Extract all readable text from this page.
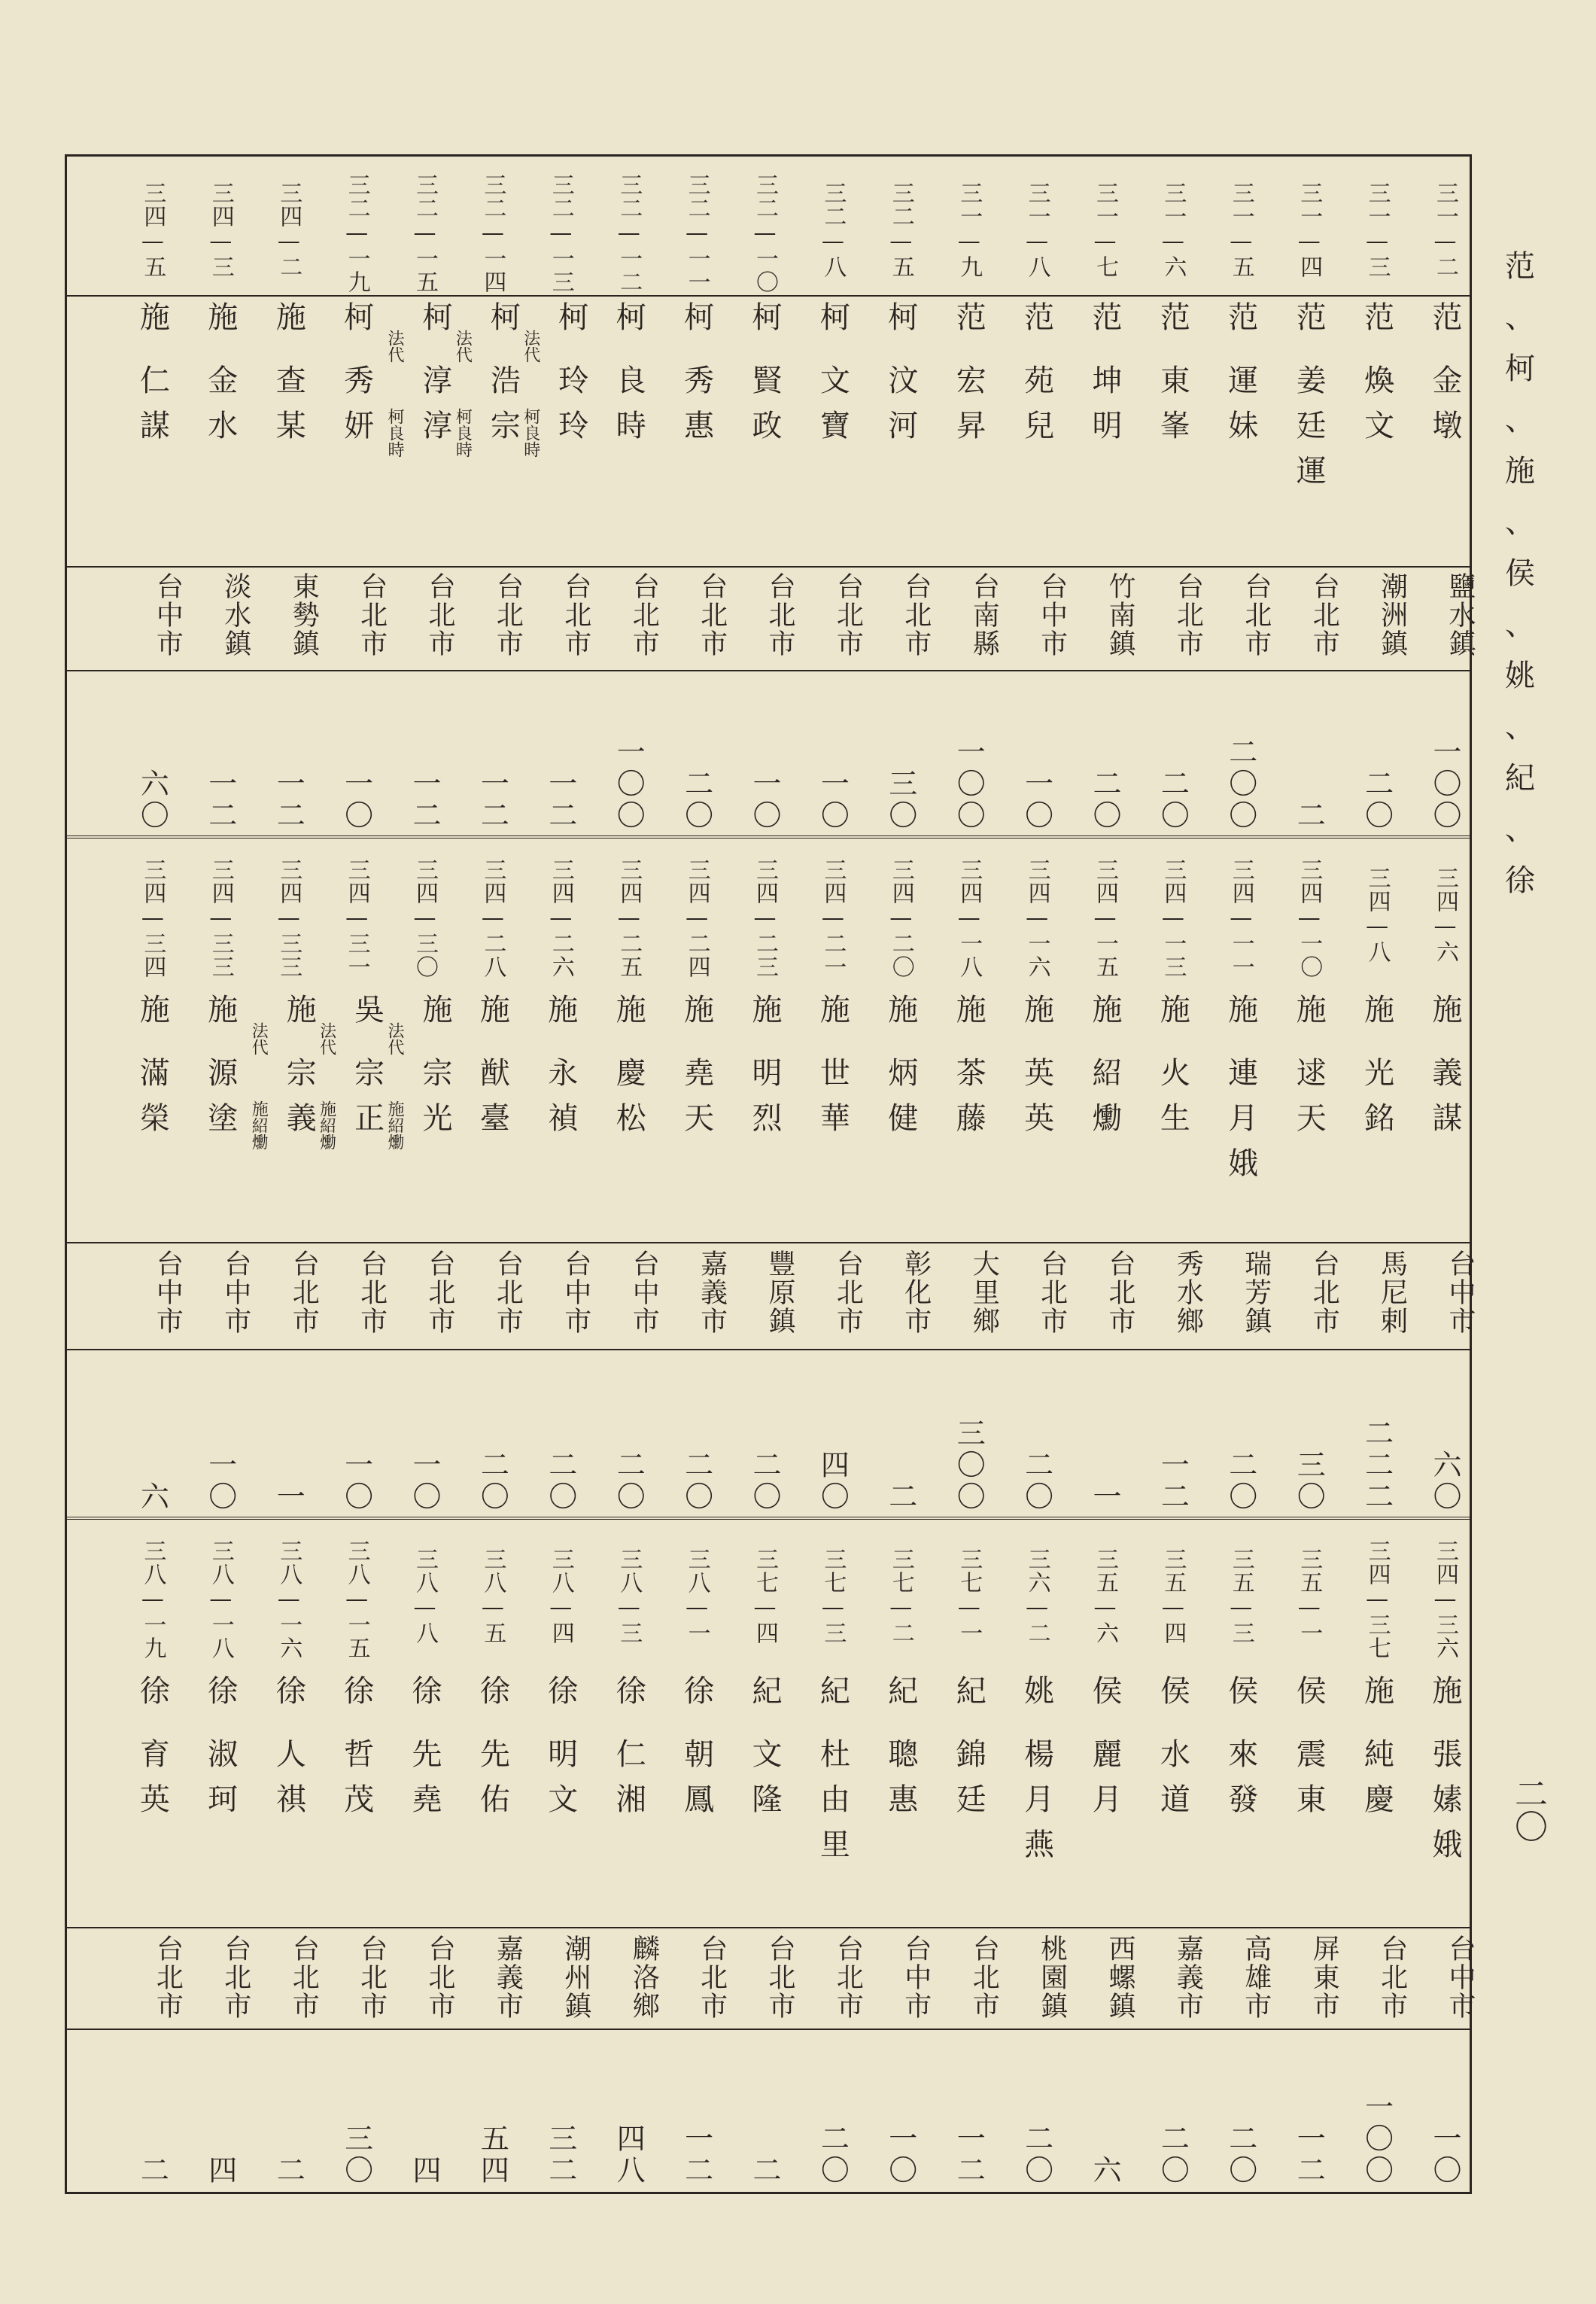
范
、
柯
、
施
、
侯
、
姚
、
紀
、
徐
二〇
三一—二
范
金墩
鹽水鎮
一〇〇
三一—三
范
煥文
潮洲鎮
二〇
三一—四
范
姜廷運
台北市
二
三一—五
范
運妹
台北市
二〇〇
三一—六
范
東峯
台北市
二〇
三一—七
范
坤明
竹南鎮
二〇
三一—八
范
苑兒
台中市
一〇
三一—九
范
宏昇
台南縣
一〇〇
三二—五
柯
汶河
台北市
三〇
三二—八
柯
文寶
台北市
一〇
三二—一〇
柯
賢政
台北市
一〇
三二—一一
柯
秀惠
台北市
二〇
三二—一二
柯
良時
台北市
一〇〇
三二—一三
柯
玲玲
法代
柯良時
台北市
一二
三二—一四
柯
浩宗
法代
柯良時
台北市
一二
三二—一五
柯
淳淳
法代
柯良時
台北市
一二
三二—一九
柯
秀妍
台北市
一〇
三四—二
施
查某
東勢鎮
一二
三四—三
施
金水
淡水鎮
一二
三四—五
施
仁謀
台中市
六〇
三四—六
施
義謀
台中市
六〇
三四—八
施
光銘
馬尼剌
二二二
三四—一〇
施
逑天
台北市
三〇
三四—一一
施
連月娥
瑞芳鎮
二〇
三四—一三
施
火生
秀水鄉
一二
三四—一五
施
紹爋
台北市
一
三四—一六
施
英英
台北市
二〇
三四—一八
施
茶藤
大里鄉
三〇〇
三四—二〇
施
炳健
彰化市
二
三四—二一
施
世華
台北市
四〇
三四—二三
施
明烈
豐原鎮
二〇
三四—二四
施
堯天
嘉義市
二〇
三四—二五
施
慶松
台中市
二〇
三四—二六
施
永禎
台中市
二〇
三四—二八
施
猷臺
台北市
二〇
三四—三〇
施
宗光
法代
施紹爋
台北市
一〇
三四—三一
吳
宗正
法代
施紹爋
台北市
一〇
三四—三三
施
宗義
法代
施紹爋
台北市
一
三四—三三
施
源塗
台中市
一〇
三四—三四
施
滿榮
台中市
六
三四—三六
施
張嫊娥
台中市
一〇
三四—三七
施
純慶
台北市
一〇〇
三五—一
侯
震東
屏東市
一二
三五—三
侯
來發
高雄市
二〇
三五—四
侯
水道
嘉義市
二〇
三五—六
侯
麗月
西螺鎮
六
三六—二
姚
楊月燕
桃園鎮
二〇
三七—一
紀
錦廷
台北市
一二
三七—二
紀
聰惠
台中市
一〇
三七—三
紀
杜由里
台北市
二〇
三七—四
紀
文隆
台北市
二
三八—一
徐
朝鳳
台北市
一二
三八—三
徐
仁湘
麟洛鄉
四八
三八—四
徐
明文
潮州鎮
三二
三八—五
徐
先佑
嘉義市
五四
三八—八
徐
先堯
台北市
四
三八—一五
徐
哲茂
台北市
三〇
三八—一六
徐
人祺
台北市
二
三八—一八
徐
淑珂
台北市
四
三八—一九
徐
育英
台北市
二
